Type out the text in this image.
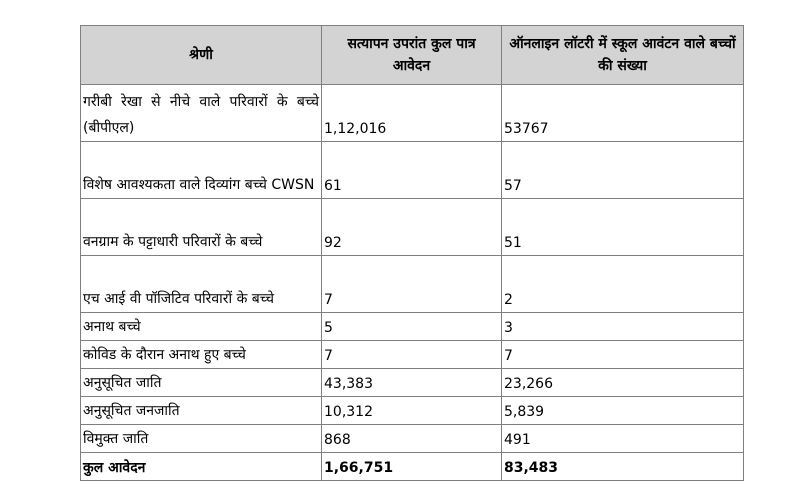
श्रेणी	सत्यापन उपरांत कुल पात्र आवेदन	ऑनलाइन लॉटरी में स्कूल आवंटन वाले बच्चों की संख्या
गरीबी रेखा से नीचे वाले परिवारों के बच्चे (बीपीएल)	1,12,016	53767
विशेष आवश्यकता वाले दिव्यांग बच्चे CWSN	61	57
वनग्राम के पट्टाधारी परिवारों के बच्चे	92	51
एच आई वी पॉजिटिव परिवारों के बच्चे	7	2
अनाथ बच्चे	5	3
कोविड के दौरान अनाथ हुए बच्चे	7	7
अनुसूचित जाति	43,383	23,266
अनुसूचित जनजाति	10,312	5,839
विमुक्त जाति	868	491
कुल आवेदन	1,66,751	83,483
